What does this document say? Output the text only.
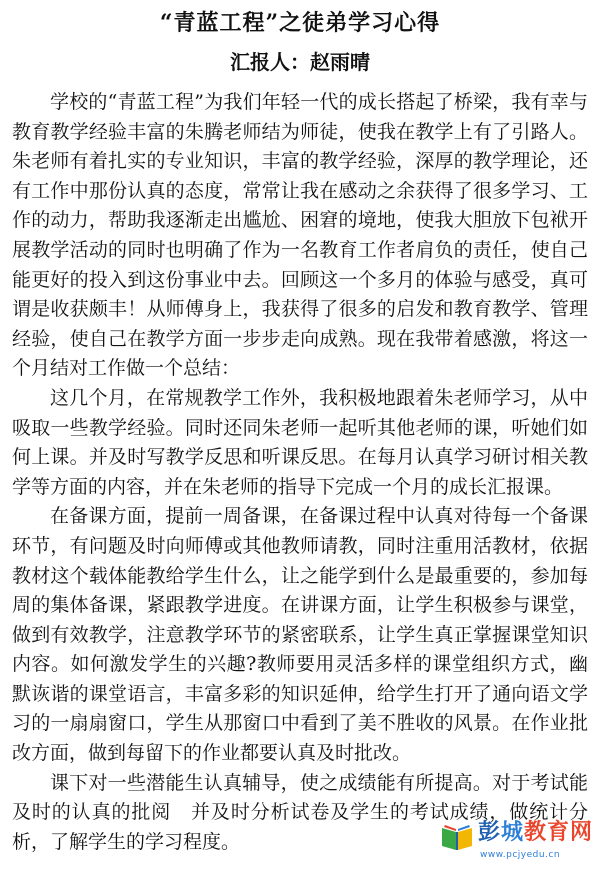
“青蓝工程”之徒弟学习心得
汇报人：赵雨晴

学校的“青蓝工程”为我们年轻一代的成长搭起了桥梁，我有幸与教育教学经验丰富的朱腾老师结为师徒，使我在教学上有了引路人。朱老师有着扎实的专业知识，丰富的教学经验，深厚的教学理论，还有工作中那份认真的态度，常常让我在感动之余获得了很多学习、工作的动力，帮助我逐渐走出尴尬、困窘的境地，使我大胆放下包袱开展教学活动的同时也明确了作为一名教育工作者肩负的责任，使自己能更好的投入到这份事业中去。回顾这一个多月的体验与感受，真可谓是收获颇丰！从师傅身上，我获得了很多的启发和教育教学、管理经验，使自己在教学方面一步步走向成熟。现在我带着感激，将这一个月结对工作做一个总结：

这几个月，在常规教学工作外，我积极地跟着朱老师学习，从中吸取一些教学经验。同时还同朱老师一起听其他老师的课，听她们如何上课。并及时写教学反思和听课反思。在每月认真学习研讨相关教学等方面的内容，并在朱老师的指导下完成一个月的成长汇报课。

在备课方面，提前一周备课，在备课过程中认真对待每一个备课环节，有问题及时向师傅或其他教师请教，同时注重用活教材，依据教材这个载体能教给学生什么，让之能学到什么是最重要的，参加每周的集体备课，紧跟教学进度。在讲课方面，让学生积极参与课堂，做到有效教学，注意教学环节的紧密联系，让学生真正掌握课堂知识内容。如何激发学生的兴趣?教师要用灵活多样的课堂组织方式，幽默诙谐的课堂语言，丰富多彩的知识延伸，给学生打开了通向语文学习的一扇扇窗口，学生从那窗口中看到了美不胜收的风景。在作业批改方面，做到每留下的作业都要认真及时批改。

课下对一些潜能生认真辅导，使之成绩能有所提高。对于考试能及时的认真的批阅　并及时分析试卷及学生的考试成绩，做统计分析，了解学生的学习程度。	彭城教育网
www.pcjyedu.cn
